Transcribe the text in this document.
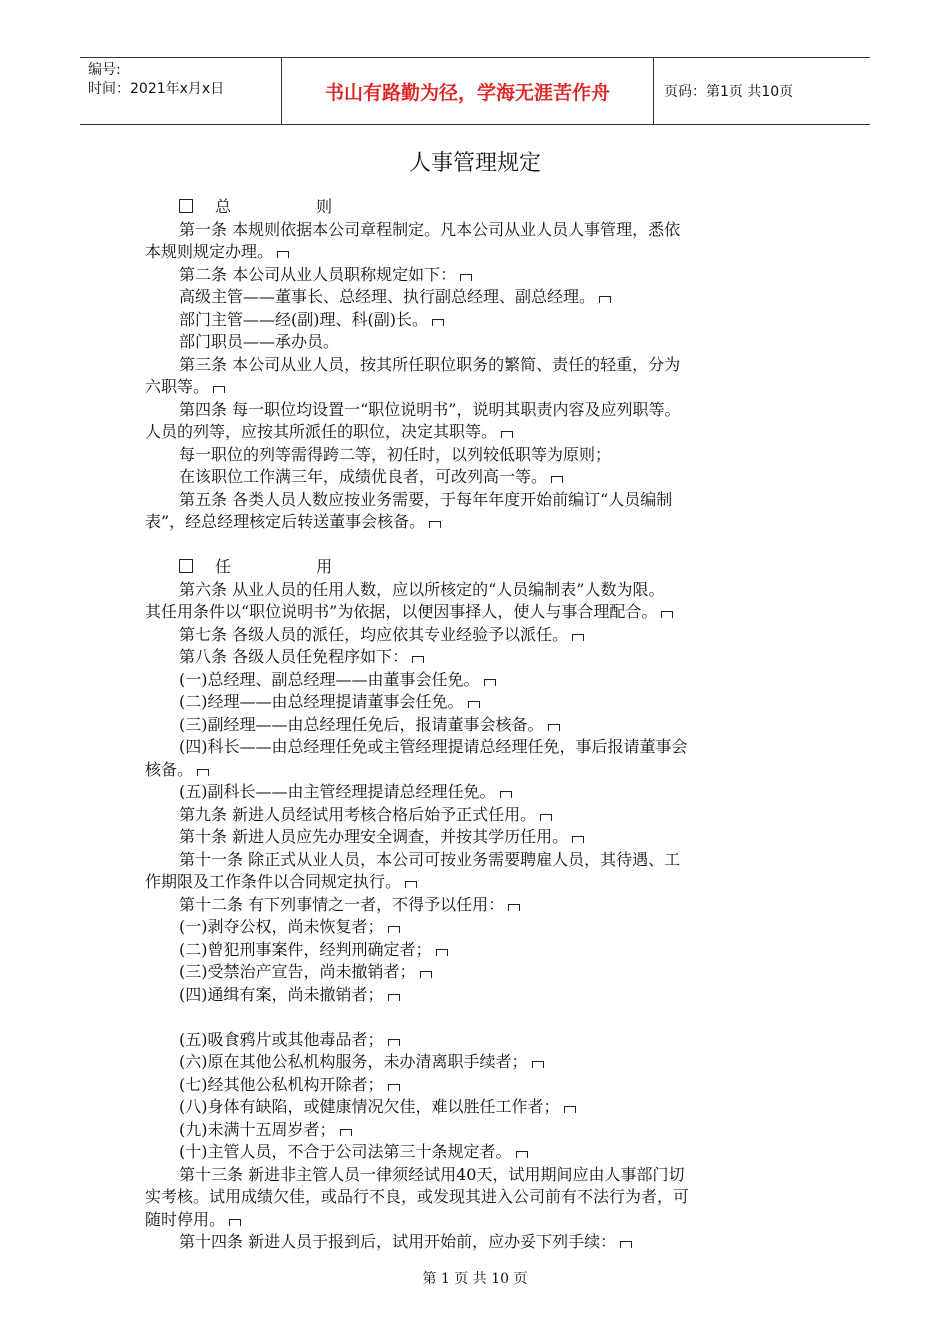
编号:
时间：2021年x月x日	书山有路勤为径，学海无涯苦作舟	页码：第1页 共10页
人事管理规定
总 则
第一条 本规则依据本公司章程制定。凡本公司从业人员人事管理，悉依
本规则规定办理。
第二条 本公司从业人员职称规定如下：
高级主管——董事长、总经理、执行副总经理、副总经理。
部门主管——经(副)理、科(副)长。
部门职员——承办员。
第三条 本公司从业人员，按其所任职位职务的繁简、责任的轻重，分为
六职等。
第四条 每一职位均设置一“职位说明书”，说明其职责内容及应列职等。
人员的列等，应按其所派任的职位，决定其职等。
每一职位的列等需得跨二等，初任时，以列较低职等为原则；
在该职位工作满三年，成绩优良者，可改列高一等。
第五条 各类人员人数应按业务需要，于每年年度开始前编订“人员编制
表”，经总经理核定后转送董事会核备。
任 用
第六条 从业人员的任用人数，应以所核定的“人员编制表”人数为限。
其任用条件以“职位说明书”为依据，以便因事择人，使人与事合理配合。
第七条 各级人员的派任，均应依其专业经验予以派任。
第八条 各级人员任免程序如下：
(一)总经理、副总经理——由董事会任免。
(二)经理——由总经理提请董事会任免。
(三)副经理——由总经理任免后，报请董事会核备。
(四)科长——由总经理任免或主管经理提请总经理任免，事后报请董事会
核备。
(五)副科长——由主管经理提请总经理任免。
第九条 新进人员经试用考核合格后始予正式任用。
第十条 新进人员应先办理安全调查，并按其学历任用。
第十一条 除正式从业人员，本公司可按业务需要聘雇人员，其待遇、工
作期限及工作条件以合同规定执行。
第十二条 有下列事情之一者，不得予以任用：
(一)剥夺公权，尚未恢复者；
(二)曾犯刑事案件，经判刑确定者；
(三)受禁治产宣告，尚未撤销者；
(四)通缉有案，尚未撤销者；
(五)吸食鸦片或其他毒品者；
(六)原在其他公私机构服务，未办清离职手续者；
(七)经其他公私机构开除者；
(八)身体有缺陷，或健康情况欠佳，难以胜任工作者；
(九)未满十五周岁者；
(十)主管人员，不合于公司法第三十条规定者。
第十三条 新进非主管人员一律须经试用40天，试用期间应由人事部门切
实考核。试用成绩欠佳，或品行不良，或发现其进入公司前有不法行为者，可
随时停用。
第十四条 新进人员于报到后，试用开始前，应办妥下列手续：
第 1 页 共 10 页
